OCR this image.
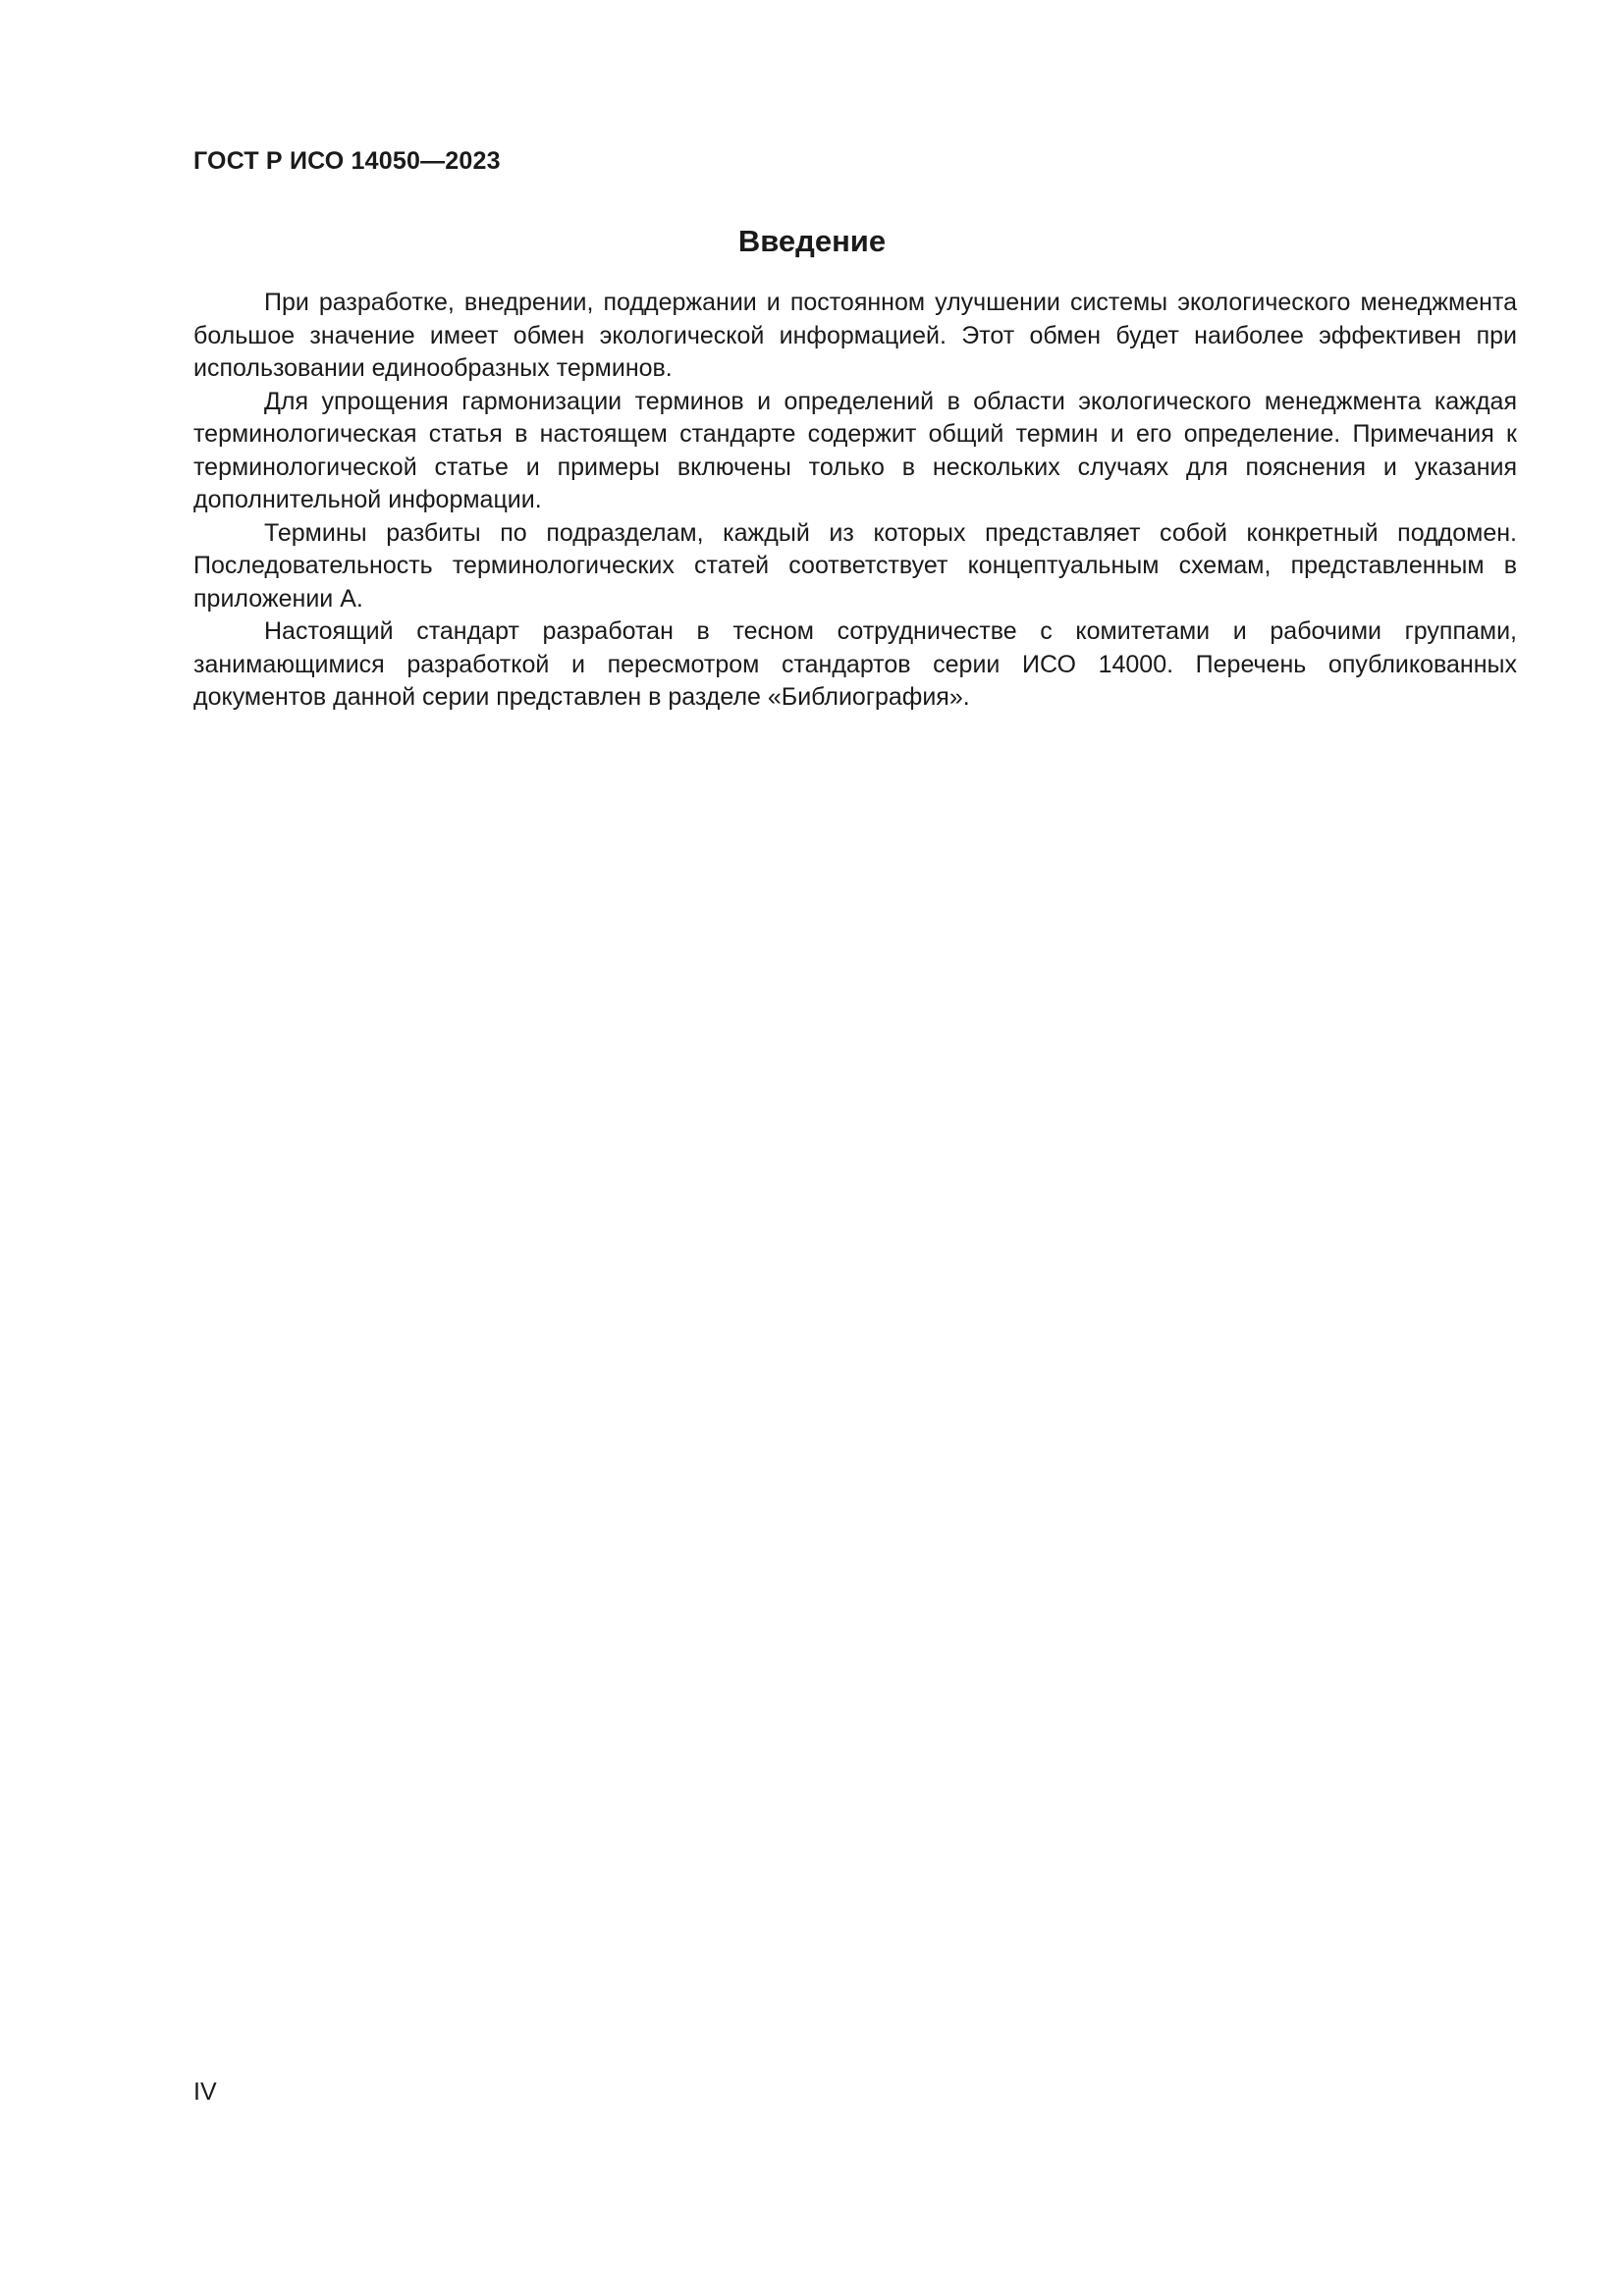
ГОСТ Р ИСО 14050—2023
Введение

При разработке, внедрении, поддержании и постоянном улучшении системы экологического менеджмента большое значение имеет обмен экологической информацией. Этот обмен будет наиболее эффективен при использовании единообразных терминов.

Для упрощения гармонизации терминов и определений в области экологического менеджмента каждая терминологическая статья в настоящем стандарте содержит общий термин и его определение. Примечания к терминологической статье и примеры включены только в нескольких случаях для пояснения и указания дополнительной информации.

Термины разбиты по подразделам, каждый из которых представляет собой конкретный поддомен. Последовательность терминологических статей соответствует концептуальным схемам, представленным в приложении А.

Настоящий стандарт разработан в тесном сотрудничестве с комитетами и рабочими группами, занимающимися разработкой и пересмотром стандартов серии ИСО 14000. Перечень опубликованных документов данной серии представлен в разделе «Библиография».

IV
